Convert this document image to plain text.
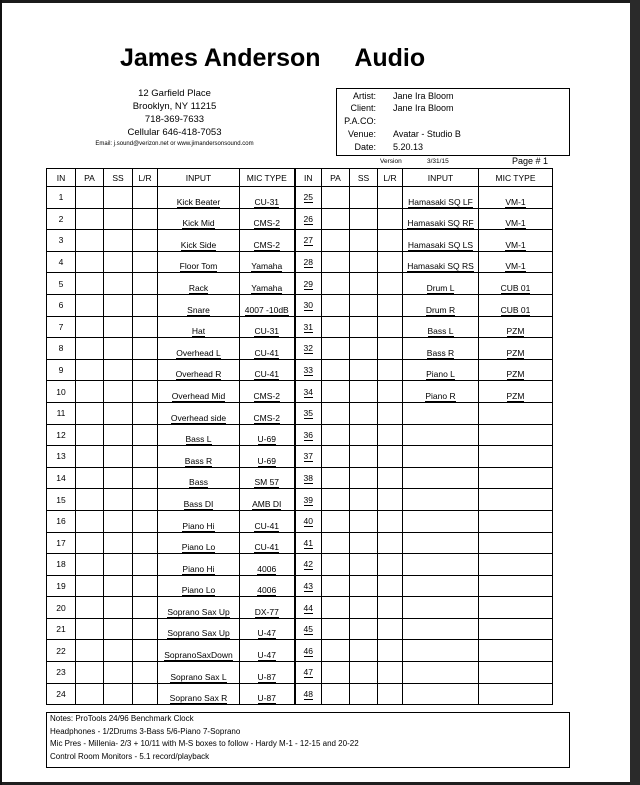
James Anderson     Audio
12 Garfield Place
Brooklyn, NY 11215
718-369-7633
Cellular 646-418-7053
Email: j.sound@verizon.net or www.jimandersonsound.com
Artist: Jane Ira Bloom
Client: Jane Ira Bloom
P.A.CO:
Venue: Avatar - Studio B
Date: 5.20.13
Version	3/31/15	Page # 1
IN	PA	SS	L/R	INPUT	MIC TYPE	IN	PA	SS	L/R	INPUT	MIC TYPE
1				Kick Beater	CU-31	25				Hamasaki SQ LF	VM-1
2				Kick Mid	CMS-2	26				Hamasaki SQ RF	VM-1
3				Kick Side	CMS-2	27				Hamasaki SQ LS	VM-1
4				Floor Tom	Yamaha	28				Hamasaki SQ RS	VM-1
5				Rack	Yamaha	29				Drum L	CUB 01
6				Snare	4007 -10dB	30				Drum R	CUB 01
7				Hat	CU-31	31				Bass L	PZM
8				Overhead L	CU-41	32				Bass R	PZM
9				Overhead R	CU-41	33				Piano L	PZM
10				Overhead Mid	CMS-2	34				Piano R	PZM
11				Overhead side	CMS-2	35					
12				Bass L	U-69	36					
13				Bass R	U-69	37					
14				Bass	SM 57	38					
15				Bass DI	AMB DI	39					
16				Piano Hi	CU-41	40					
17				Piano Lo	CU-41	41					
18				Piano Hi	4006	42					
19				Piano Lo	4006	43					
20				Soprano Sax Up	DX-77	44					
21				Soprano Sax Up	U-47	45					
22				SopranoSaxDown	U-47	46					
23				Soprano Sax L	U-87	47					
24				Soprano Sax R	U-87	48					
Notes: ProTools 24/96 Benchmark Clock
Headphones - 1/2Drums 3-Bass 5/6-Piano 7-Soprano
Mic Pres - Millenia- 2/3 + 10/11 with M-S boxes to follow - Hardy M-1 - 12-15 and 20-22
Control Room Monitors - 5.1 record/playback
